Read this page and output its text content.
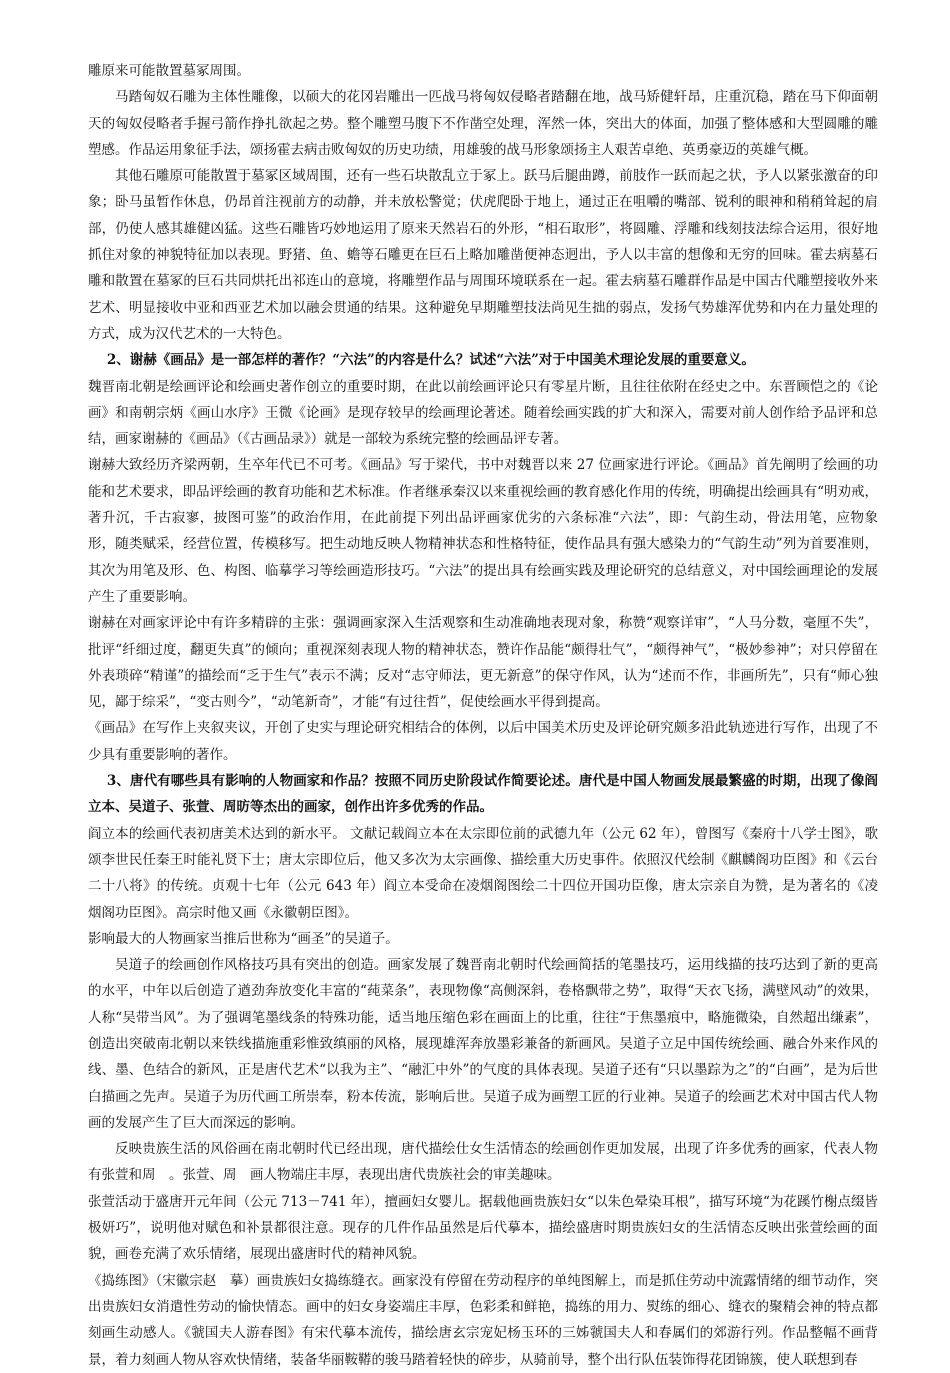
雕原来可能散置墓冢周围。

马踏匈奴石雕为主体性雕像，以硕大的花冈岩雕出一匹战马将匈奴侵略者踏翻在地，战马矫健轩昂，庄重沉稳，踏在马下仰面朝天的匈奴侵略者手握弓箭作挣扎欲起之势。整个雕塑马腹下不作凿空处理，浑然一体，突出大的体面，加强了整体感和大型圆雕的雕塑感。作品运用象征手法，颂扬霍去病击败匈奴的历史功绩，用雄骏的战马形象颂扬主人艰苦卓绝、英勇豪迈的英雄气概。

其他石雕原可能散置于墓冢区域周围，还有一些石块散乱立于冢上。跃马后腿曲蹲，前肢作一跃而起之状，予人以紧张激奋的印象；卧马虽暂作休息，仍昂首注视前方的动静，并未放松警觉；伏虎爬卧于地上，通过正在咀嚼的嘴部、锐利的眼神和稍稍耸起的肩部，仍使人感其雄健凶猛。这些石雕皆巧妙地运用了原来天然岩石的外形，“相石取形”，将圆雕、浮雕和线刻技法综合运用，很好地抓住对象的神貌特征加以表现。野猪、鱼、蟾等石雕更在巨石上略加雕凿便神态迥出，予人以丰富的想像和无穷的回味。霍去病墓石雕和散置在墓冢的巨石共同烘托出祁连山的意境，将雕塑作品与周围环境联系在一起。霍去病墓石雕群作品是中国古代雕塑接收外来艺术、明显接收中亚和西亚艺术加以融会贯通的结果。这种避免早期雕塑技法尚见生拙的弱点，发扬气势雄浑优势和内在力量处理的方式，成为汉代艺术的一大特色。

2、谢赫《画品》是一部怎样的著作？“六法”的内容是什么？试述“六法”对于中国美术理论发展的重要意义。

魏晋南北朝是绘画评论和绘画史著作创立的重要时期，在此以前绘画评论只有零星片断，且往往依附在经史之中。东晋顾恺之的《论画》和南朝宗炳《画山水序》王微《论画》是现存较早的绘画理论著述。随着绘画实践的扩大和深入，需要对前人创作给予品评和总结，画家谢赫的《画品》（《古画品录》）就是一部较为系统完整的绘画品评专著。

谢赫大致经历齐梁两朝，生卒年代已不可考。《画品》写于梁代，书中对魏晋以来 27 位画家进行评论。《画品》首先阐明了绘画的功能和艺术要求，即品评绘画的教育功能和艺术标准。作者继承秦汉以来重视绘画的教育感化作用的传统，明确提出绘画具有“明劝戒，著升沉，千古寂寥，披图可鉴”的政治作用，在此前提下列出品评画家优劣的六条标准“六法”，即：气韵生动，骨法用笔，应物象形，随类赋采，经营位置，传模移写。把生动地反映人物精神状态和性格特征，使作品具有强大感染力的“气韵生动”列为首要准则，其次为用笔及形、色、构图、临摹学习等绘画造形技巧。“六法”的提出具有绘画实践及理论研究的总结意义，对中国绘画理论的发展产生了重要影响。

谢赫在对画家评论中有许多精辟的主张：强调画家深入生活观察和生动准确地表现对象，称赞“观察详审”，“人马分数，毫厘不失”，批评“纤细过度，翻更失真”的倾向；重视深刻表现人物的精神状态，赞许作品能“颇得壮气”，“颇得神气”，“极妙参神”；对只停留在外表琐碎“精谨”的描绘而“乏于生气”表示不满；反对“志守师法，更无新意”的保守作风，认为“述而不作，非画所先”，只有“师心独见，鄙于综采”，“变古则今”，“动笔新奇”，才能“有过往哲”，促使绘画水平得到提高。

《画品》在写作上夹叙夹议，开创了史实与理论研究相结合的体例，以后中国美术历史及评论研究颇多沿此轨迹进行写作，出现了不少具有重要影响的著作。

3、唐代有哪些具有影响的人物画家和作品？按照不同历史阶段试作简要论述。唐代是中国人物画发展最繁盛的时期，出现了像阎立本、吴道子、张萱、周昉等杰出的画家，创作出许多优秀的作品。

阎立本的绘画代表初唐美术达到的新水平。 文献记载阎立本在太宗即位前的武德九年（公元 62 年），曾图写《秦府十八学士图》，歌颂李世民任秦王时能礼贤下士；唐太宗即位后，他又多次为太宗画像、描绘重大历史事件。依照汉代绘制《麒麟阁功臣图》和《云台二十八将》的传统。贞观十七年（公元 643 年）阎立本受命在凌烟阁图绘二十四位开国功臣像，唐太宗亲自为赞，是为著名的《凌烟阁功臣图》。高宗时他又画《永徽朝臣图》。

影响最大的人物画家当推后世称为“画圣”的吴道子。

吴道子的绘画创作风格技巧具有突出的创造。画家发展了魏晋南北朝时代绘画简括的笔墨技巧，运用线描的技巧达到了新的更高的水平，中年以后创造了遒劲奔放变化丰富的“莼菜条”，表现物像“高侧深斜，卷格飘带之势”，取得“天衣飞扬，满壁风动”的效果，人称“吴带当风”。为了强调笔墨线条的特殊功能，适当地压缩色彩在画面上的比重，往往“于焦墨痕中，略施微染，自然超出缣素”，创造出突破南北朝以来铁线描施重彩惟致缜丽的风格，展现雄浑奔放墨彩兼备的新画风。吴道子立足中国传统绘画、融合外来作风的线、墨、色结合的新风，正是唐代艺术“以我为主”、“融汇中外”的气度的具体表现。吴道子还有“只以墨踪为之”的“白画”，是为后世白描画之先声。吴道子为历代画工所崇奉，粉本传流，影响后世。吴道子成为画塑工匠的行业神。吴道子的绘画艺术对中国古代人物画的发展产生了巨大而深远的影响。

反映贵族生活的风俗画在南北朝时代已经出现，唐代描绘仕女生活情态的绘画创作更加发展，出现了许多优秀的画家，代表人物有张萱和周　。张萱、周　画人物端庄丰厚，表现出唐代贵族社会的审美趣味。

张萱活动于盛唐开元年间（公元 713－741 年），擅画妇女婴儿。据载他画贵族妇女“以朱色晕染耳根”，描写环境“为花蹊竹榭点缀皆极妍巧”，说明他对赋色和补景都很注意。现存的几件作品虽然是后代摹本，描绘盛唐时期贵族妇女的生活情态反映出张萱绘画的面貌，画卷充满了欢乐情绪，展现出盛唐时代的精神风貌。

《捣练图》（宋徽宗赵　摹）画贵族妇女捣练缝衣。画家没有停留在劳动程序的单纯图解上，而是抓住劳动中流露情绪的细节动作，突出贵族妇女消遣性劳动的愉快情态。画中的妇女身姿端庄丰厚，色彩柔和鲜艳，捣练的用力、熨练的细心、缝衣的聚精会神的特点都刻画生动感人。《虢国夫人游春图》有宋代摹本流传，描绘唐玄宗宠妃杨玉环的三姊虢国夫人和春属们的郊游行列。作品整幅不画背景，着力刻画人物从容欢快情绪，装备华丽鞍鞯的骏马踏着轻快的碎步，从骑前导，整个出行队伍装饰得花团锦簇，使人联想到春
